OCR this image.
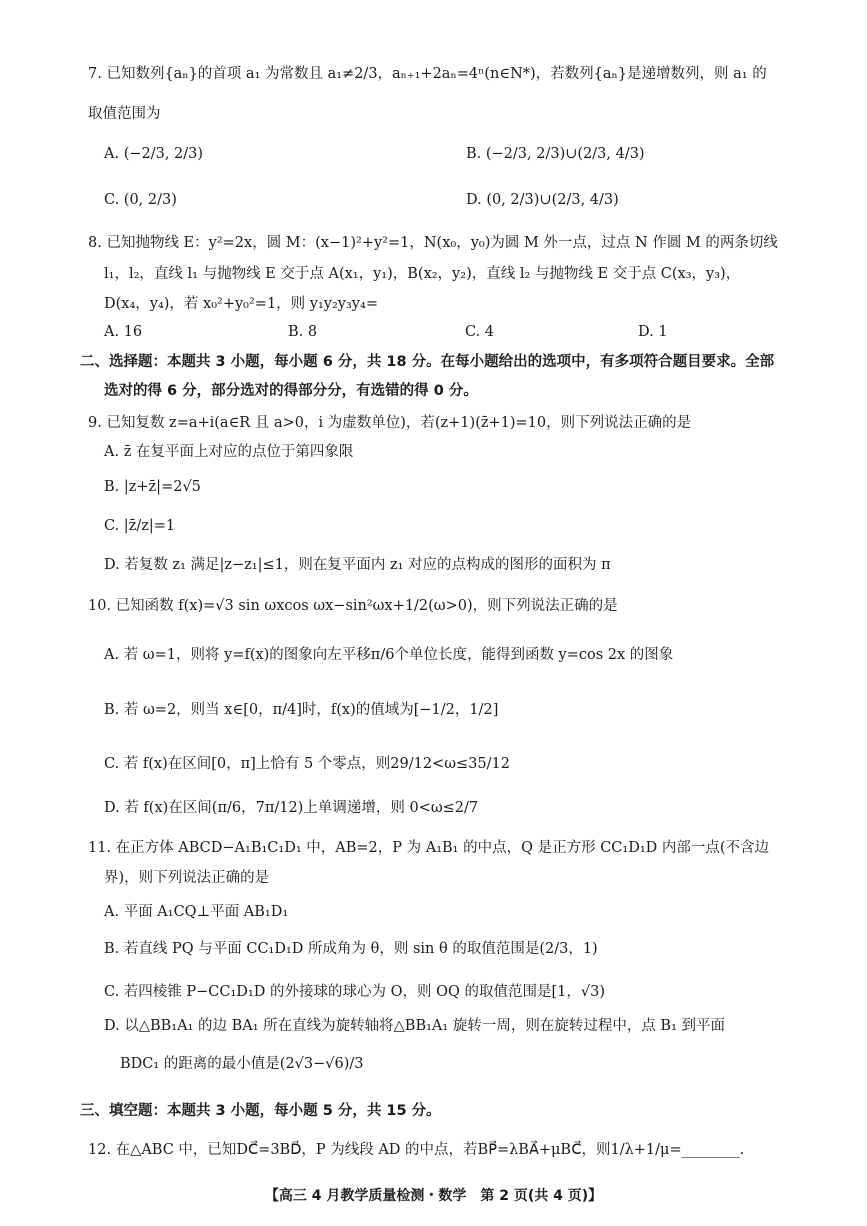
7. 已知数列{aₙ}的首项 a₁ 为常数且 a₁≠2/3，aₙ₊₁+2aₙ=4ⁿ(n∈N*)，若数列{aₙ}是递增数列，则 a₁ 的
取值范围为
A. (−2/3, 2/3)	B. (−2/3, 2/3)∪(2/3, 4/3)
C. (0, 2/3)	D. (0, 2/3)∪(2/3, 4/3)
8. 已知抛物线 E：y²=2x，圆 M：(x−1)²+y²=1，N(x₀，y₀)为圆 M 外一点，过点 N 作圆 M 的两条切线
l₁，l₂，直线 l₁ 与抛物线 E 交于点 A(x₁，y₁)，B(x₂，y₂)，直线 l₂ 与抛物线 E 交于点 C(x₃，y₃)，
D(x₄，y₄)，若 x₀²+y₀²=1，则 y₁y₂y₃y₄=
A. 16	B. 8	C. 4	D. 1
二、选择题：本题共 3 小题，每小题 6 分，共 18 分。在每小题给出的选项中，有多项符合题目要求。全部
选对的得 6 分，部分选对的得部分分，有选错的得 0 分。
9. 已知复数 z=a+i(a∈R 且 a>0，i 为虚数单位)，若(z+1)(z̄+1)=10，则下列说法正确的是
A. z̄ 在复平面上对应的点位于第四象限
B. |z+z̄|=2√5
C. |z̄/z|=1
D. 若复数 z₁ 满足|z−z₁|≤1，则在复平面内 z₁ 对应的点构成的图形的面积为 π
10. 已知函数 f(x)=√3 sin ωxcos ωx−sin²ωx+1/2(ω>0)，则下列说法正确的是
A. 若 ω=1，则将 y=f(x)的图象向左平移π/6个单位长度，能得到函数 y=cos 2x 的图象
B. 若 ω=2，则当 x∈[0，π/4]时，f(x)的值域为[−1/2，1/2]
C. 若 f(x)在区间[0，π]上恰有 5 个零点，则29/12<ω≤35/12
D. 若 f(x)在区间(π/6，7π/12)上单调递增，则 0<ω≤2/7
11. 在正方体 ABCD−A₁B₁C₁D₁ 中，AB=2，P 为 A₁B₁ 的中点，Q 是正方形 CC₁D₁D 内部一点(不含边
界)，则下列说法正确的是
A. 平面 A₁CQ⊥平面 AB₁D₁
B. 若直线 PQ 与平面 CC₁D₁D 所成角为 θ，则 sin θ 的取值范围是(2/3，1)
C. 若四棱锥 P−CC₁D₁D 的外接球的球心为 O，则 OQ 的取值范围是[1，√3)
D. 以△BB₁A₁ 的边 BA₁ 所在直线为旋转轴将△BB₁A₁ 旋转一周，则在旋转过程中，点 B₁ 到平面
BDC₁ 的距离的最小值是(2√3−√6)/3
三、填空题：本题共 3 小题，每小题 5 分，共 15 分。
12. 在△ABC 中，已知DC⃗=3BD⃗，P 为线段 AD 的中点，若BP⃗=λBA⃗+μBC⃗，则1/λ+1/μ=________.
【高三 4 月教学质量检测・数学　第 2 页(共 4 页)】
